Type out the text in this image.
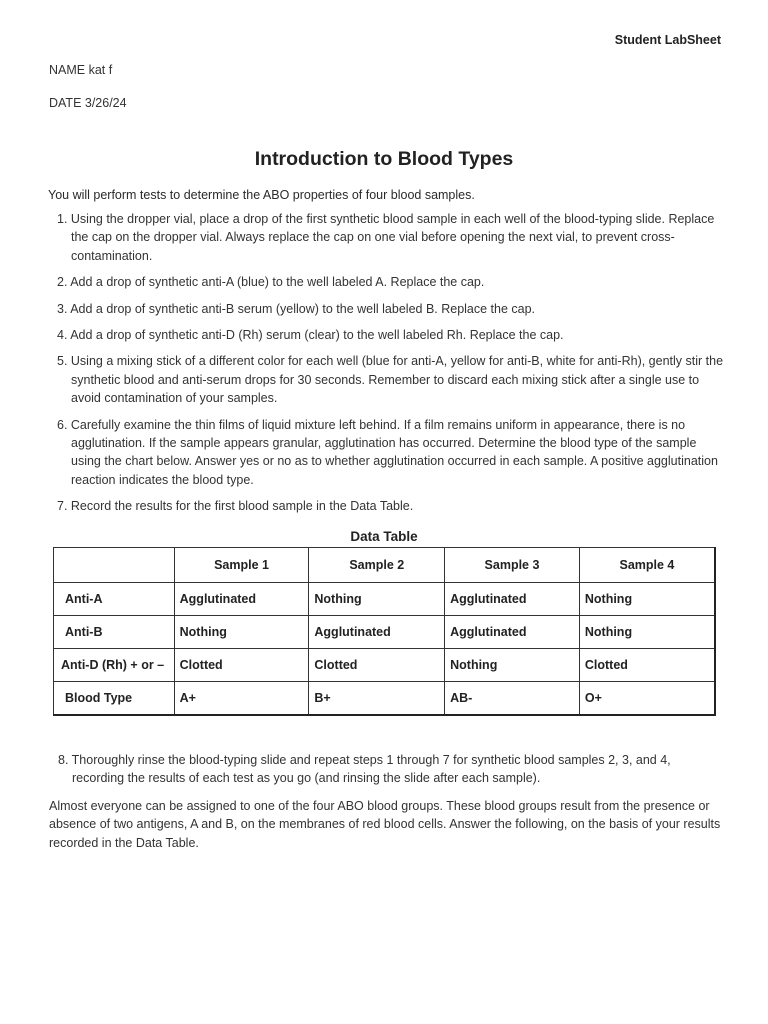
Student LabSheet
NAME kat f
DATE 3/26/24
Introduction to Blood Types
You will perform tests to determine the ABO properties of four blood samples.
1. Using the dropper vial, place a drop of the first synthetic blood sample in each well of the blood-typing slide. Replace the cap on the dropper vial. Always replace the cap on one vial before opening the next vial, to prevent cross-contamination.
2. Add a drop of synthetic anti-A (blue) to the well labeled A. Replace the cap.
3. Add a drop of synthetic anti-B serum (yellow) to the well labeled B. Replace the cap.
4. Add a drop of synthetic anti-D (Rh) serum (clear) to the well labeled Rh. Replace the cap.
5. Using a mixing stick of a different color for each well (blue for anti-A, yellow for anti-B, white for anti-Rh), gently stir the synthetic blood and anti-serum drops for 30 seconds. Remember to discard each mixing stick after a single use to avoid contamination of your samples.
6. Carefully examine the thin films of liquid mixture left behind. If a film remains uniform in appearance, there is no agglutination. If the sample appears granular, agglutination has occurred. Determine the blood type of the sample using the chart below. Answer yes or no as to whether agglutination occurred in each sample. A positive agglutination reaction indicates the blood type.
7. Record the results for the first blood sample in the Data Table.
Data Table
	Sample 1	Sample 2	Sample 3	Sample 4
Anti-A	Agglutinated	Nothing	Agglutinated	Nothing
Anti-B	Nothing	Agglutinated	Agglutinated	Nothing
Anti-D (Rh) + or –	Clotted	Clotted	Nothing	Clotted
Blood Type	A+	B+	AB-	O+
8. Thoroughly rinse the blood-typing slide and repeat steps 1 through 7 for synthetic blood samples 2, 3, and 4, recording the results of each test as you go (and rinsing the slide after each sample).
Almost everyone can be assigned to one of the four ABO blood groups. These blood groups result from the presence or absence of two antigens, A and B, on the membranes of red blood cells. Answer the following, on the basis of your results recorded in the Data Table.
